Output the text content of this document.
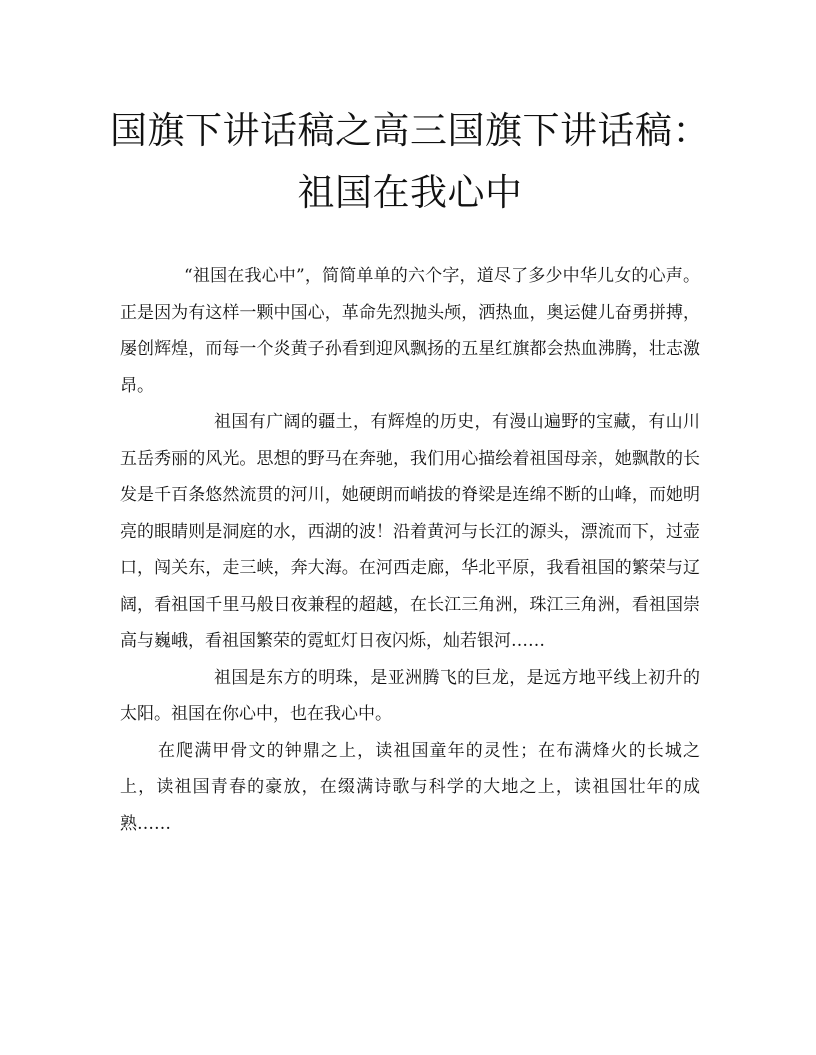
国旗下讲话稿之高三国旗下讲话稿：祖国在我心中

“祖国在我心中”，简简单单的六个字，道尽了多少中华儿女的心声。正是因为有这样一颗中国心，革命先烈抛头颅，洒热血，奥运健儿奋勇拼搏，屡创辉煌，而每一个炎黄子孙看到迎风飘扬的五星红旗都会热血沸腾，壮志激昂。

祖国有广阔的疆土，有辉煌的历史，有漫山遍野的宝藏，有山川五岳秀丽的风光。思想的野马在奔驰，我们用心描绘着祖国母亲，她飘散的长发是千百条悠然流贯的河川，她硬朗而峭拔的脊梁是连绵不断的山峰，而她明亮的眼睛则是洞庭的水，西湖的波！沿着黄河与长江的源头，漂流而下，过壶口，闯关东，走三峡，奔大海。在河西走廊，华北平原，我看祖国的繁荣与辽阔，看祖国千里马般日夜兼程的超越，在长江三角洲，珠江三角洲，看祖国崇高与巍峨，看祖国繁荣的霓虹灯日夜闪烁，灿若银河……

祖国是东方的明珠，是亚洲腾飞的巨龙，是远方地平线上初升的太阳。祖国在你心中，也在我心中。

在爬满甲骨文的钟鼎之上，读祖国童年的灵性；在布满烽火的长城之上，读祖国青春的豪放，在缀满诗歌与科学的大地之上，读祖国壮年的成熟……
